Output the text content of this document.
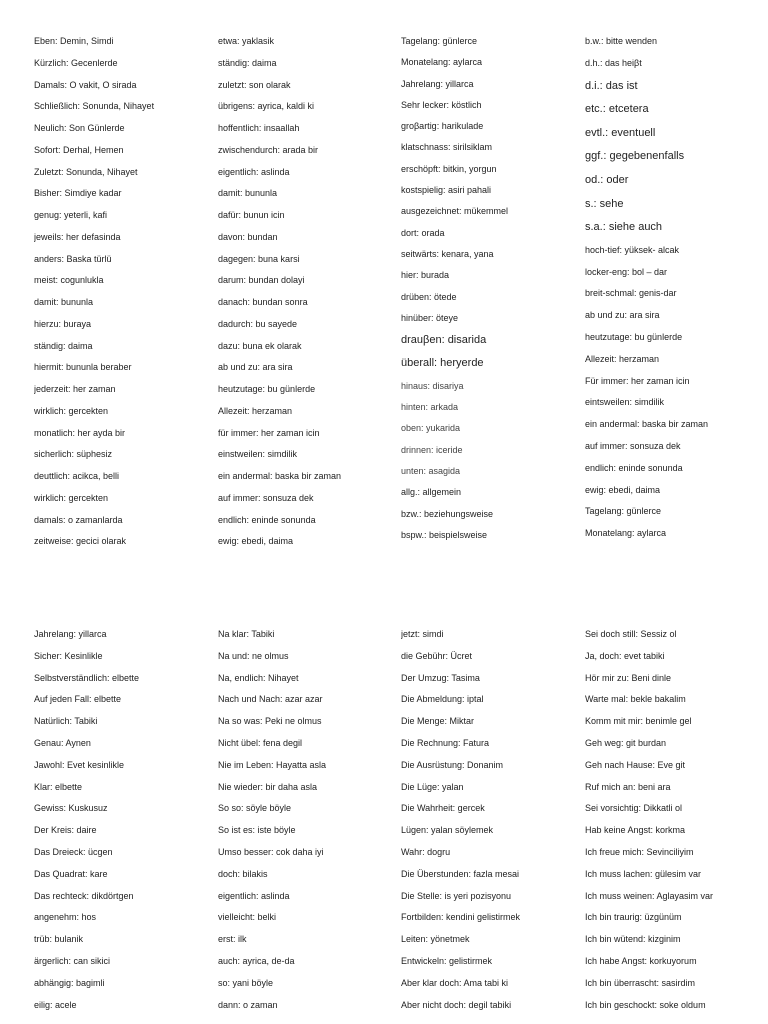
Eben: Demin, Simdi
Kürzlich: Gecenlerde
Damals: O vakit, O sirada
Schließlich: Sonunda, Nihayet
Neulich: Son Günlerde
Sofort: Derhal, Hemen
Zuletzt: Sonunda, Nihayet
Bisher: Simdiye kadar
genug: yeterli, kafi
jeweils: her defasinda
anders: Baska türlü
meist: cogunlukla
damit: bununla
hierzu: buraya
ständig: daima
hiermit: bununla beraber
jederzeit: her zaman
wirklich: gercekten
monatlich: her ayda bir
sicherlich: süphesiz
deuttlich: acikca, belli
wirklich: gercekten
damals: o zamanlarda
zeitweise: gecici olarak
etwa: yaklasik
ständig: daima
zuletzt: son olarak
übrigens: ayrica, kaldi ki
hoffentlich: insaallah
zwischendurch: arada bir
eigentlich: aslinda
damit: bununla
dafür: bunun icin
davon: bundan
dagegen: buna karsi
darum: bundan dolayi
danach: bundan sonra
dadurch: bu sayede
dazu: buna ek olarak
ab und zu: ara sira
heutzutage: bu günlerde
Allezeit: herzaman
für immer: her zaman icin
einstweilen: simdilik
ein andermal: baska bir zaman
auf immer: sonsuza dek
endlich: eninde sonunda
ewig: ebedi, daima
Tagelang: günlerce
Monatelang: aylarca
Jahrelang: yillarca
Sehr lecker: köstlich
groβartig: harikulade
klatschnass: sirilsiklam
erschöpft: bitkin, yorgun
kostspielig: asiri pahali
ausgezeichnet: mükemmel
dort: orada
seitwärts: kenara, yana
hier: burada
drüben: ötede
hinüber: öteye
drauβen: disarida
überall: heryerde
hinaus: disariya
hinten: arkada
oben: yukarida
drinnen: iceride
unten: asagida
allg.: allgemein
bzw.: beziehungsweise
bspw.: beispielsweise
b.w.: bitte wenden
d.h.: das heiβt
d.i.: das ist
etc.: etcetera
evtl.: eventuell
ggf.: gegebenenfalls
od.: oder
s.: sehe
s.a.: siehe auch
hoch-tief: yüksek- alcak
locker-eng: bol – dar
breit-schmal: genis-dar
ab und zu: ara sira
heutzutage: bu günlerde
Allezeit: herzaman
Für immer: her zaman icin
eintsweilen: simdilik
ein andermal: baska bir zaman
auf immer: sonsuza dek
endlich: eninde sonunda
ewig: ebedi, daima
Tagelang: günlerce
Monatelang: aylarca
Jahrelang: yillarca
Sicher: Kesinlikle
Selbstverständlich: elbette
Auf jeden Fall: elbette
Natürlich: Tabiki
Genau: Aynen
Jawohl: Evet kesinlikle
Klar: elbette
Gewiss: Kuskusuz
Der Kreis: daire
Das Dreieck: ücgen
Das Quadrat: kare
Das rechteck: dikdörtgen
angenehm: hos
trüb: bulanik
ärgerlich: can sikici
abhängig: bagimli
eilig: acele
Na klar: Tabiki
Na und: ne olmus
Na, endlich: Nihayet
Nach und Nach: azar azar
Na so was: Peki ne olmus
Nicht übel: fena degil
Nie im Leben: Hayatta asla
Nie wieder: bir daha asla
So so: söyle böyle
So ist es: iste böyle
Umso besser: cok daha iyi
doch: bilakis
eigentlich: aslinda
vielleicht: belki
erst: ilk
auch: ayrica, de-da
so: yani böyle
dann: o zaman
jetzt: simdi
die Gebühr: Ücret
Der Umzug: Tasima
Die Abmeldung: iptal
Die Menge: Miktar
Die Rechnung: Fatura
Die Ausrüstung: Donanim
Die Lüge: yalan
Die Wahrheit: gercek
Lügen: yalan söylemek
Wahr: dogru
Die Überstunden: fazla mesai
Die Stelle: is yeri pozisyonu
Fortbilden: kendini gelistirmek
Leiten: yönetmek
Entwickeln: gelistirmek
Aber klar doch: Ama tabi ki
Aber nicht doch: degil tabiki
Sei doch still: Sessiz ol
Ja, doch: evet tabiki
Hör mir zu: Beni dinle
Warte mal: bekle bakalim
Komm mit mir: benimle gel
Geh weg: git burdan
Geh nach Hause: Eve git
Ruf mich an: beni ara
Sei vorsichtig: Dikkatli ol
Hab keine Angst: korkma
Ich freue mich: Sevinciliyim
Ich muss lachen: gülesim var
Ich muss weinen: Aglayasim var
Ich bin traurig: üzgünüm
Ich bin wütend: kizginim
Ich habe Angst: korkuyorum
Ich bin überrascht: sasirdim
Ich bin geschockt: soke oldum
